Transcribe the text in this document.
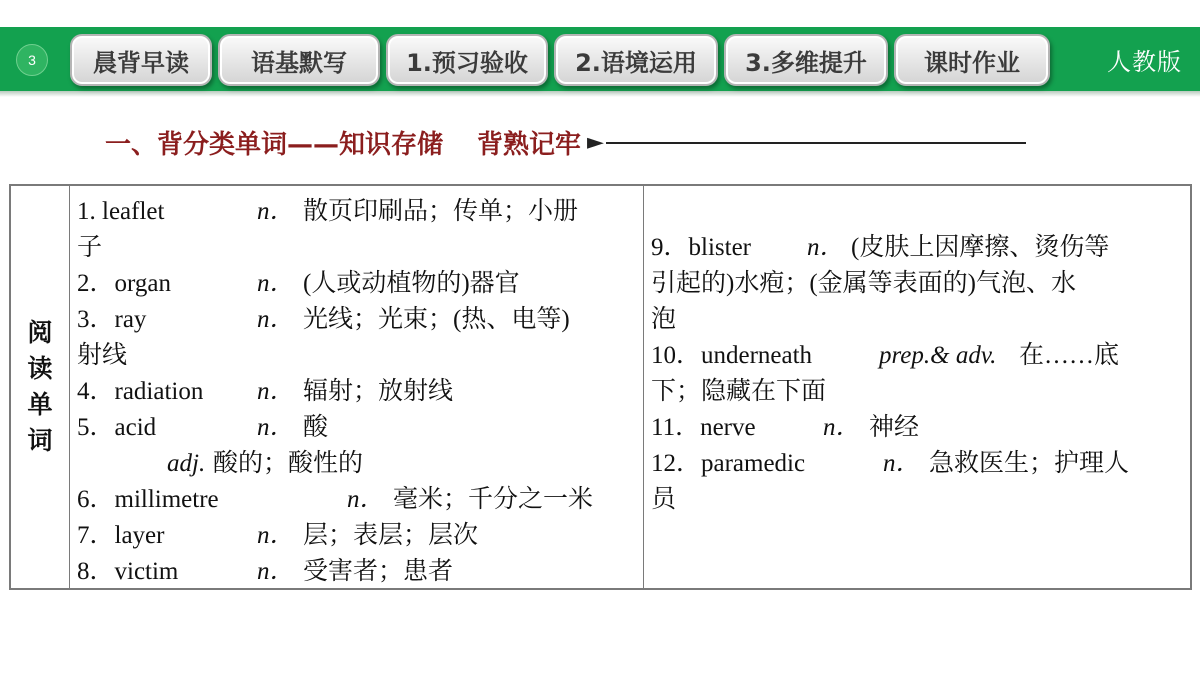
3	晨背早读	语基默写	1.预习验收	2.语境运用	3.多维提升	课时作业	人教版
一、背分类单词——知识存储 背熟记牢 ►
阅
读
单
词
1. leaflet	n． 散页印刷品；传单；小册
子
2．organ	n． (人或动植物的)器官
3．ray	n． 光线；光束；(热、电等)
射线
4．radiation n． 辐射；放射线
5．acid	n． 酸
adj. 酸的；酸性的
6．millimetre	n． 毫米；千分之一米
7．layer	n． 层；表层；层次
8．victim	n． 受害者；患者
9．blister n． (皮肤上因摩擦、烫伤等
引起的)水疱；(金属等表面的)气泡、水
泡
10．underneath	prep.& adv. 在……底
下；隐藏在下面
11．nerve	n． 神经
12．paramedic	n． 急救医生；护理人
员
